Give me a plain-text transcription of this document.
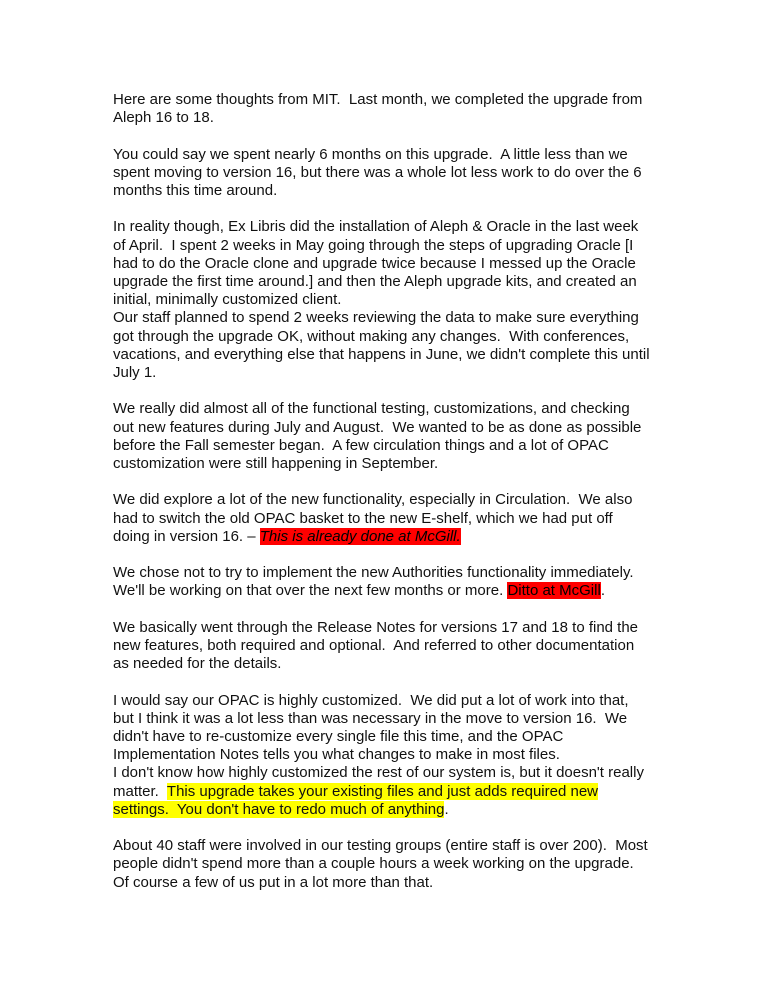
Here are some thoughts from MIT.  Last month, we completed the upgrade from
Aleph 16 to 18.
You could say we spent nearly 6 months on this upgrade.  A little less than we
spent moving to version 16, but there was a whole lot less work to do over the 6
months this time around.
In reality though, Ex Libris did the installation of Aleph & Oracle in the last week
of April.  I spent 2 weeks in May going through the steps of upgrading Oracle [I
had to do the Oracle clone and upgrade twice because I messed up the Oracle
upgrade the first time around.] and then the Aleph upgrade kits, and created an
initial, minimally customized client.
Our staff planned to spend 2 weeks reviewing the data to make sure everything
got through the upgrade OK, without making any changes.  With conferences,
vacations, and everything else that happens in June, we didn't complete this until
July 1.
We really did almost all of the functional testing, customizations, and checking
out new features during July and August.  We wanted to be as done as possible
before the Fall semester began.  A few circulation things and a lot of OPAC
customization were still happening in September.
We did explore a lot of the new functionality, especially in Circulation.  We also
had to switch the old OPAC basket to the new E-shelf, which we had put off
doing in version 16. – This is already done at McGill.
We chose not to try to implement the new Authorities functionality immediately.
We'll be working on that over the next few months or more. Ditto at McGill.
We basically went through the Release Notes for versions 17 and 18 to find the
new features, both required and optional.  And referred to other documentation
as needed for the details.
I would say our OPAC is highly customized.  We did put a lot of work into that,
but I think it was a lot less than was necessary in the move to version 16.  We
didn't have to re-customize every single file this time, and the OPAC
Implementation Notes tells you what changes to make in most files.
I don't know how highly customized the rest of our system is, but it doesn't really
matter.  This upgrade takes your existing files and just adds required new
settings.  You don't have to redo much of anything.
About 40 staff were involved in our testing groups (entire staff is over 200).  Most
people didn't spend more than a couple hours a week working on the upgrade.
Of course a few of us put in a lot more than that.
